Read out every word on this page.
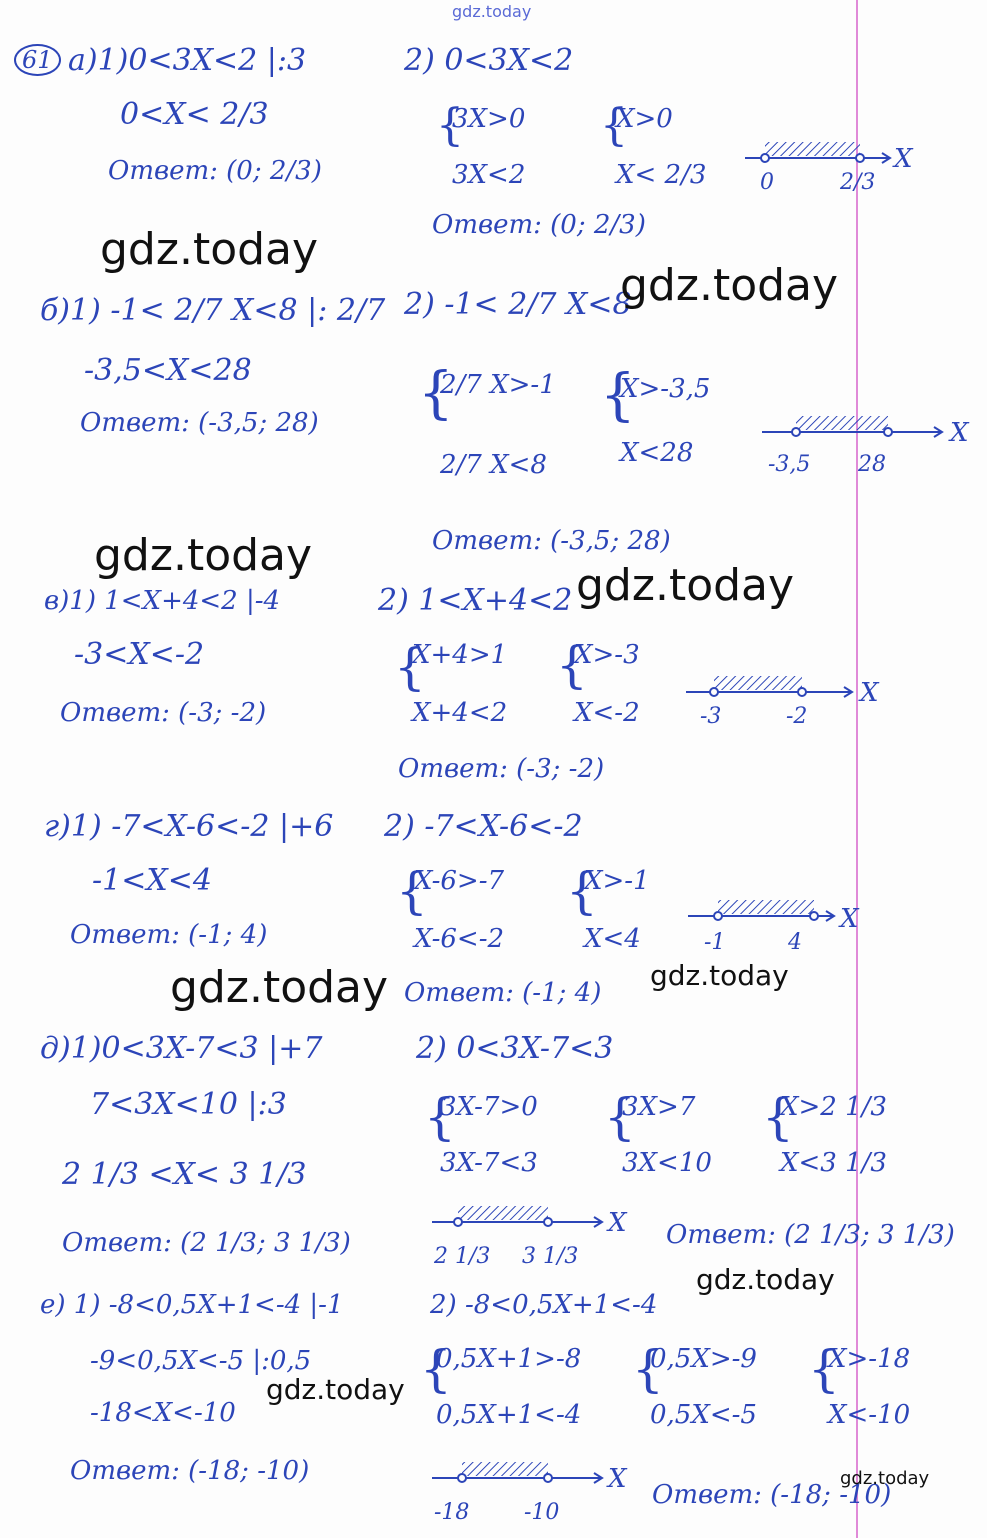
gdz.today
61 a)1)0<3X<2 |:3
0<X< 2/3
Ответ: (0; 2/3)
2) 0<3X<2
{
3X>0
3X<2
{
X>0
X< 2/3
Ответ: (0; 2/3)
X
0	2/3
gdz.today
б)1) -1< 2/7 X<8 |: 2/7
-3,5<X<28
Ответ: (-3,5; 28)
2) -1< 2/7 X<8
gdz.today
{
2/7 X>-1
2/7 X<8
{
X>-3,5
X<28
Ответ: (-3,5; 28)
X
-3,5 28
gdz.today
в)1) 1<X+4<2 |-4
-3<X<-2
Ответ: (-3; -2)
2) 1<X+4<2 gdz.today
{
X+4>1
X+4<2
{
X>-3
X<-2
Ответ: (-3; -2)
X
-3	-2
г)1) -7<X-6<-2 |+6
-1<X<4
Ответ: (-1; 4)
2) -7<X-6<-2
{
X-6>-7
X-6<-2
{
X>-1
X<4
Ответ: (-1; 4)
X
-1	4
gdz.today	gdz.today
д)1)0<3X-7<3 |+7
7<3X<10 |:3
2 1/3 <X< 3 1/3
Ответ: (2 1/3; 3 1/3)
2) 0<3X-7<3
{
3X-7>0
3X-7<3
{
3X>7
3X<10
{
X>2 1/3
X<3 1/3
X
2 1/3 3 1/3
Ответ: (2 1/3; 3 1/3)
gdz.today
е) 1) -8<0,5X+1<-4 |-1
-9<0,5X<-5 |:0,5
-18<X<-10
Ответ: (-18; -10)
2) -8<0,5X+1<-4
gdz.today {
0,5X+1>-8
0,5X+1<-4
{
0,5X>-9
0,5X<-5
{
X>-18
X<-10
X
-18 -10
Ответ: (-18; -10)
gdz.today
